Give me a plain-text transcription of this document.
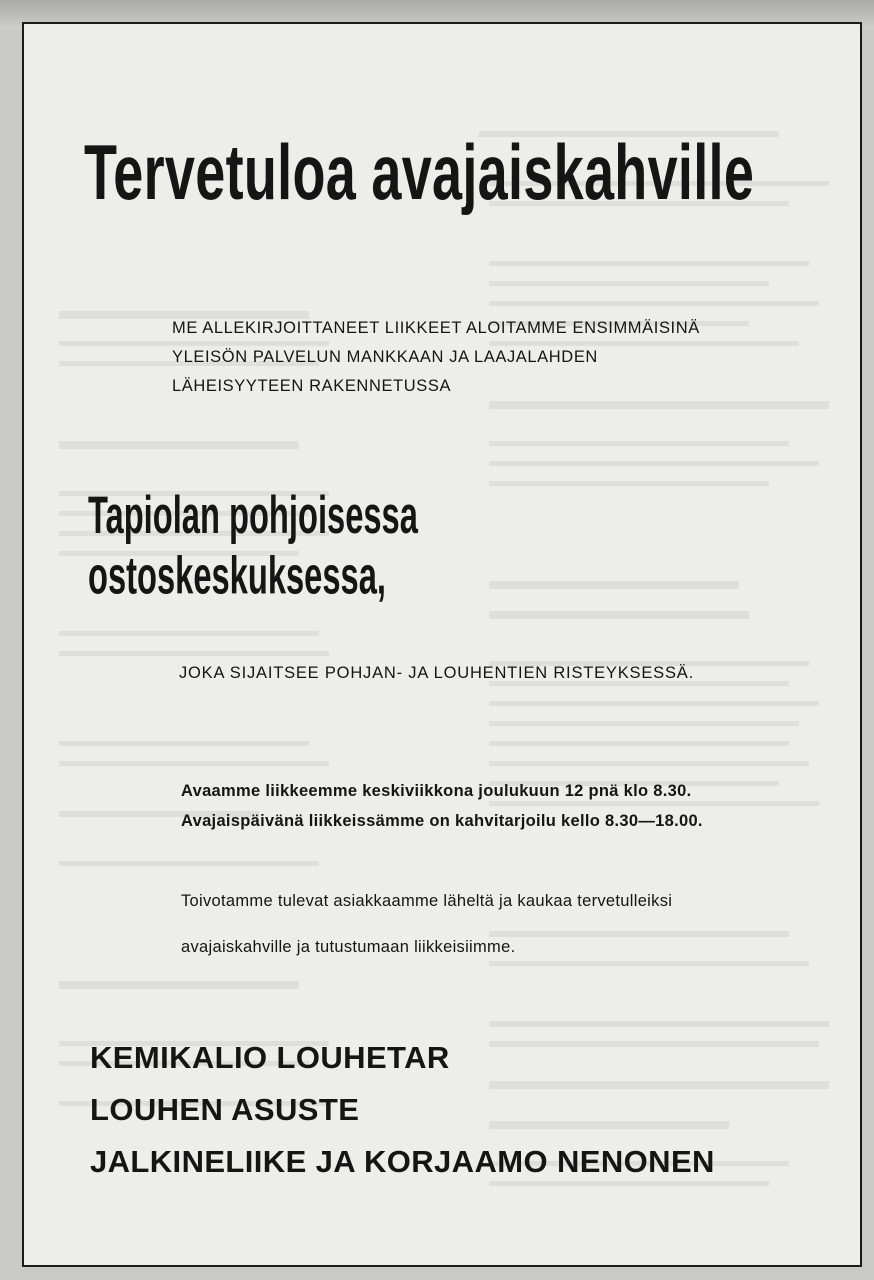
Tervetuloa avajaiskahville
ME ALLEKIRJOITTANEET LIIKKEET ALOITAMME ENSIMMÄISINÄ
YLEISÖN PALVELUN MANKKAAN JA LAAJALAHDEN
LÄHEISYYTEEN RAKENNETUSSA
Tapiolan pohjoisessa
ostoskeskuksessa,
JOKA SIJAITSEE POHJAN- JA LOUHENTIEN RISTEYKSESSÄ.
Avaamme liikkeemme keskiviikkona joulukuun 12 pnä klo 8.30.
Avajaispäivänä liikkeissämme on kahvitarjoilu kello 8.30—18.00.
Toivotamme tulevat asiakkaamme läheltä ja kaukaa tervetulleiksi
avajaiskahville ja tutustumaan liikkeisiimme.
KEMIKALIO LOUHETAR
LOUHEN ASUSTE
JALKINELIIKE JA KORJAAMO NENONEN
